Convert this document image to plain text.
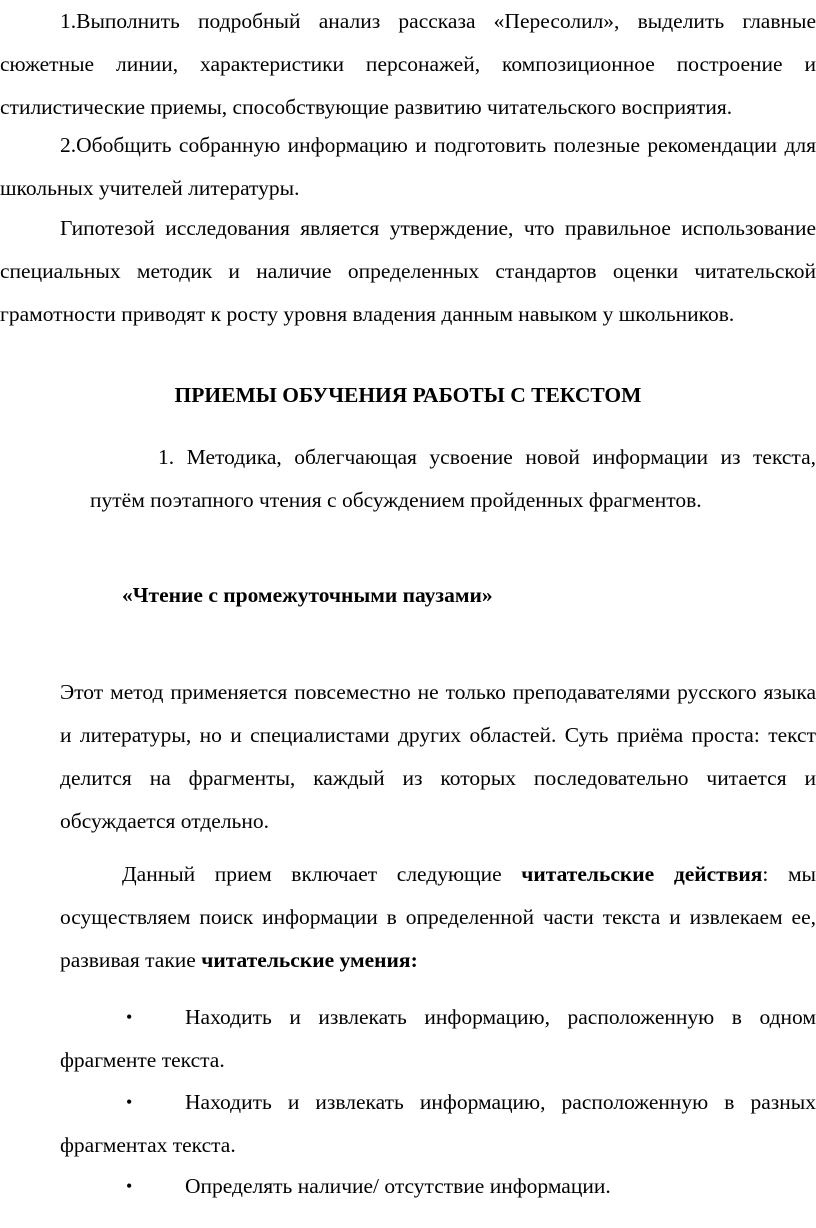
1.Выполнить подробный анализ рассказа «Пересолил», выделить главные сюжетные линии, характеристики персонажей, композиционное построение и стилистические приемы, способствующие развитию читательского восприятия.

2.Обобщить собранную информацию и подготовить полезные рекомендации для школьных учителей литературы.

Гипотезой исследования является утверждение, что правильное использование специальных методик и наличие определенных стандартов оценки читательской грамотности приводят к росту уровня владения данным навыком у школьников.

ПРИЕМЫ ОБУЧЕНИЯ РАБОТЫ С ТЕКСТОМ

1. Методика, облегчающая усвоение новой информации из текста, путём поэтапного чтения с обсуждением пройденных фрагментов.

«Чтение с промежуточными паузами»

Этот метод применяется повсеместно не только преподавателями русского языка и литературы, но и специалистами других областей. Суть приёма проста: текст делится на фрагменты, каждый из которых последовательно читается и обсуждается отдельно.

Данный прием включает следующие читательские действия: мы осуществляем поиск информации в определенной части текста и извлекаем ее, развивая такие читательские умения:

•	Находить и извлекать информацию, расположенную в одном фрагменте текста.

•	Находить и извлекать информацию, расположенную в разных фрагментах текста.

•	Определять наличие/ отсутствие информации.
